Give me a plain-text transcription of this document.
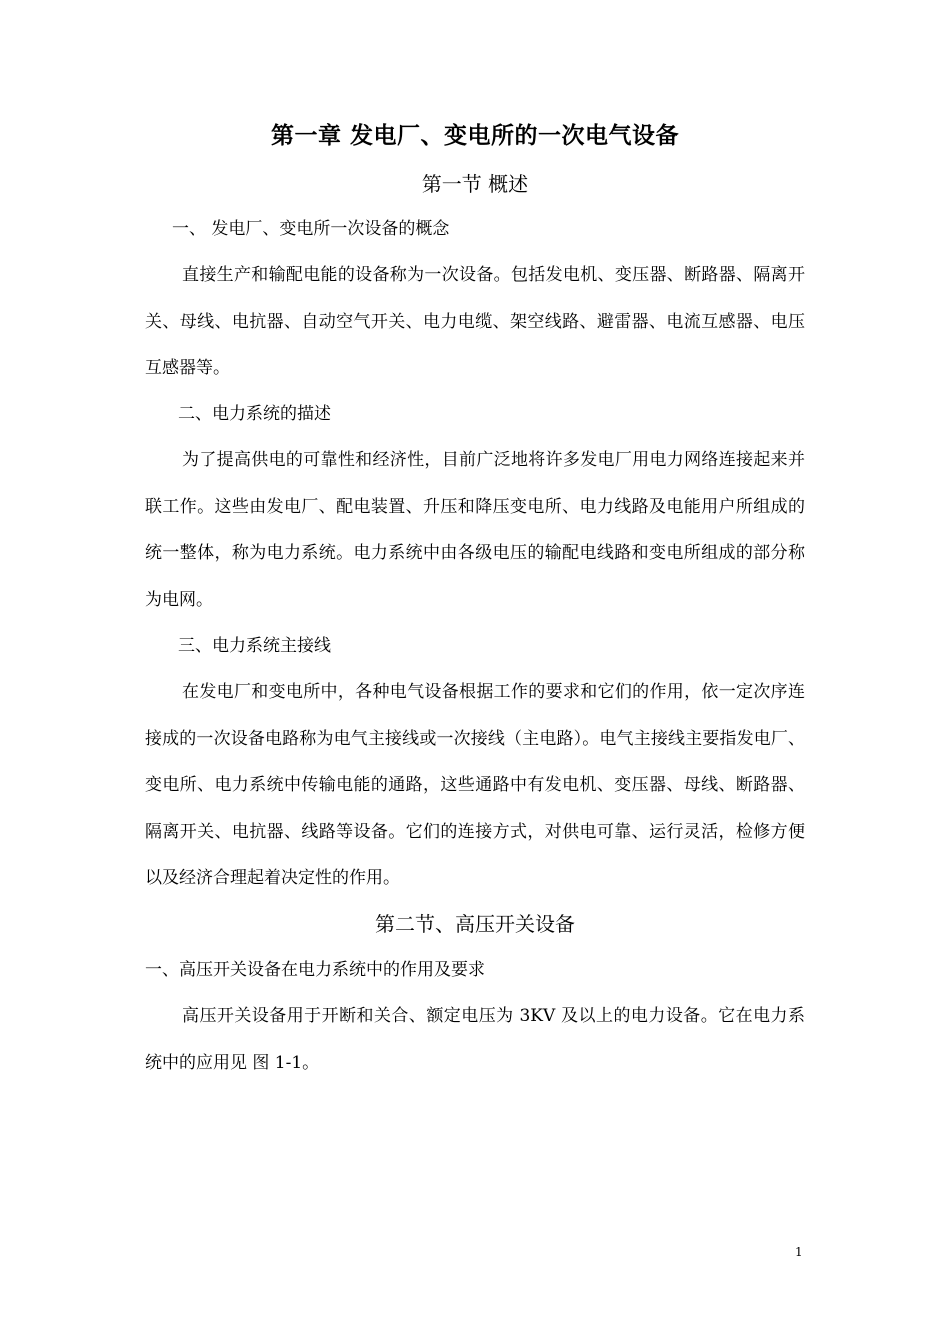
第一章 发电厂、变电所的一次电气设备
第一节 概述
一、 发电厂、变电所一次设备的概念

直接生产和输配电能的设备称为一次设备。包括发电机、变压器、断路器、隔离开关、母线、电抗器、自动空气开关、电力电缆、架空线路、避雷器、电流互感器、电压互感器等。

二、电力系统的描述

为了提高供电的可靠性和经济性，目前广泛地将许多发电厂用电力网络连接起来并联工作。这些由发电厂、配电装置、升压和降压变电所、电力线路及电能用户所组成的统一整体，称为电力系统。电力系统中由各级电压的输配电线路和变电所组成的部分称为电网。

三、电力系统主接线

在发电厂和变电所中，各种电气设备根据工作的要求和它们的作用，依一定次序连接成的一次设备电路称为电气主接线或一次接线（主电路）。电气主接线主要指发电厂、变电所、电力系统中传输电能的通路，这些通路中有发电机、变压器、母线、断路器、隔离开关、电抗器、线路等设备。它们的连接方式，对供电可靠、运行灵活，检修方便以及经济合理起着决定性的作用。

第二节、高压开关设备
一、高压开关设备在电力系统中的作用及要求

高压开关设备用于开断和关合、额定电压为 3KV 及以上的电力设备。它在电力系统中的应用见 图 1-1。

1
